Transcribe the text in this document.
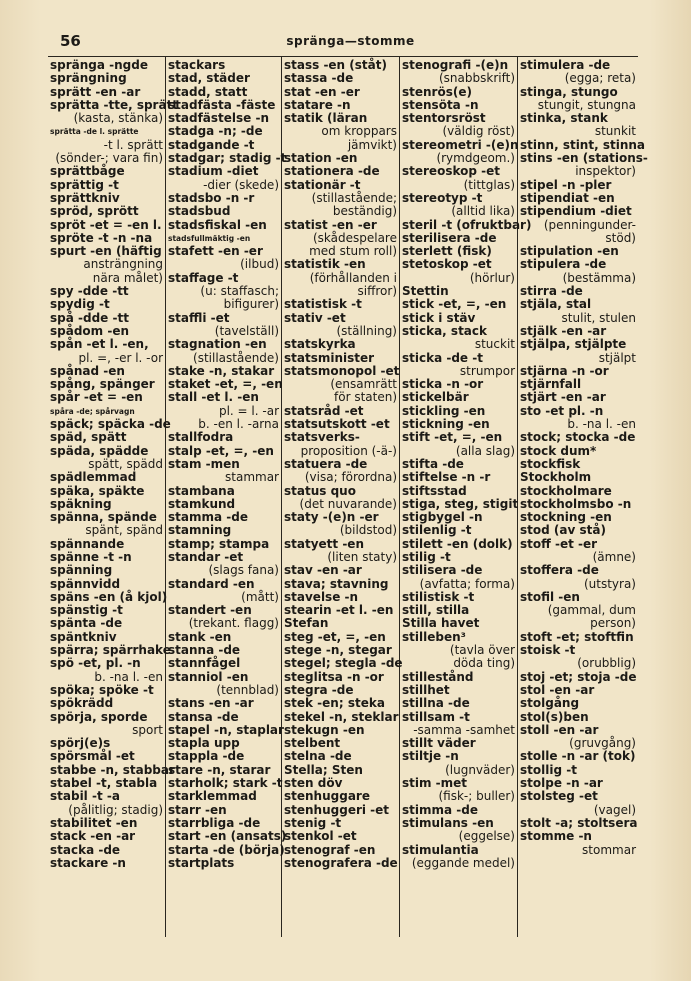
56	spränga—stomme
spränga -ngde
sprängning
sprätt -en -ar
sprätta -tte, sprätt
(kasta, stänka)
sprätta -de l. sprätte
-t l. sprätt
(sönder-; vara fin)
sprättbåge
sprättig -t
sprättkniv
spröd, sprött
spröt -et = -en l.
spröte -t -n -na
spurt -en (häftig
ansträngning
nära målet)
spy -dde -tt
spydig -t
spå -dde -tt
spådom -en
spån -et l. -en,
pl. =, -er l. -or
spånad -en
spång, spänger
spår -et = -en
spåra -de; spårvagn
späck; späcka -de
späd, spätt
späda, spädde
spätt, spädd
spädlemmad
späka, späkte
späkning
spänna, spände
spänt, spänd
spännande
spänne -t -n
spänning
spännvidd
späns -en (å kjol)
spänstig -t
spänta -de
späntkniv
spärra; spärrhake
spö -et, pl. -n
b. -na l. -en
spöka; spöke -t
spökrädd
spörja, sporde
sport
spörj(e)s
spörsmål -et
stabbe -n, stabbar
stabel -t, stabla
stabil -t -a
(pålitlig; stadig)
stabilitet -en
stack -en -ar
stacka -de
stackare -n
stackars
stad, städer
stadd, statt
stadfästa -fäste
stadfästelse -n
stadga -n; -de
stadgande -t
stadgar; stadig -t
stadium -diet
-dier (skede)
stadsbo -n -r
stadsbud
stadsfiskal -en
stadsfullmäktig -en
stafett -en -er
(ilbud)
staffage -t
(u: staffasch;
bifigurer)
staffli -et
(tavelställ)
stagnation -en
(stillastående)
stake -n, stakar
staket -et, =, -en
stall -et l. -en
pl. = l. -ar
b. -en l. -arna
stallfodra
stalp -et, =, -en
stam -men
stammar
stambana
stamkund
stamma -de
stamning
stamp; stampa
standar -et
(slags fana)
standard -en
(mått)
standert -en
(trekant. flagg)
stank -en
stanna -de
stannfågel
stanniol -en
(tennblad)
stans -en -ar
stansa -de
stapel -n, staplar
stapla upp
stappla -de
stare -n, starar
starholk; stark -t
starklemmad
starr -en
starrbliga -de
start -en (ansats)
starta -de (börja)
startplats
stass -en (ståt)
stassa -de
stat -en -er
statare -n
statik (läran
om kroppars
jämvikt)
station -en
stationera -de
stationär -t
(stillastående;
beständig)
statist -en -er
(skådespelare
med stum roll)
statistik -en
(förhållanden i
siffror)
statistisk -t
stativ -et
(ställning)
statskyrka
statsminister
statsmonopol -et
(ensamrätt
för staten)
statsråd -et
statsutskott -et
statsverks-
proposition (-ä-)
statuera -de
(visa; förordna)
status quo
(det nuvarande)
staty -(e)n -er
(bildstod)
statyett -en
(liten staty)
stav -en -ar
stava; stavning
stavelse -n
stearin -et l. -en
Stefan
steg -et, =, -en
stege -n, stegar
stegel; stegla -de
steglitsa -n -or
stegra -de
stek -en; steka
stekel -n, steklar
stekugn -en
stelbent
stelna -de
Stella; Sten
sten döv
stenhuggare
stenhuggeri -et
stenig -t
stenkol -et
stenograf -en
stenografera -de
stenografi -(e)n
(snabbskrift)
stenrös(e)
stensöta -n
stentorsröst
(väldig röst)
stereometri -(e)n
(rymdgeom.)
stereoskop -et
(tittglas)
stereotyp -t
(alltid lika)
steril -t (ofruktbar)
sterilisera -de
sterlett (fisk)
stetoskop -et
(hörlur)
Stettin
stick -et, =, -en
stick i stäv
sticka, stack
stuckit
sticka -de -t
strumpor
sticka -n -or
stickelbär
stickling -en
stickning -en
stift -et, =, -en
(alla slag)
stifta -de
stiftelse -n -r
stiftsstad
stiga, steg, stigit
stigbygel -n
stilenlig -t
stilett -en (dolk)
stilig -t
stilisera -de
(avfatta; forma)
stilistisk -t
still, stilla
Stilla havet
stilleben³
(tavla över
döda ting)
stillestånd
stillhet
stillna -de
stillsam -t
-samma -samhet
stillt väder
stiltje -n
(lugnväder)
stim -met
(fisk-; buller)
stimma -de
stimulans -en
(eggelse)
stimulantia
(eggande medel)
stimulera -de
(egga; reta)
stinga, stungo
stungit, stungna
stinka, stank
stunkit
stinn, stint, stinna
stins -en (stations-
inspektor)
stipel -n -pler
stipendiat -en
stipendium -diet
(penningunder-
stöd)
stipulation -en
stipulera -de
(bestämma)
stirra -de
stjäla, stal
stulit, stulen
stjälk -en -ar
stjälpa, stjälpte
stjälpt
stjärna -n -or
stjärnfall
stjärt -en -ar
sto -et pl. -n
b. -na l. -en
stock; stocka -de
stock dum*
stockfisk
Stockholm
stockholmare
stockholmsbo -n
stockning -en
stod (av stå)
stoff -et -er
(ämne)
stoffera -de
(utstyra)
stofil -en
(gammal, dum
person)
stoft -et; stoftfin
stoisk -t
(orubblig)
stoj -et; stoja -de
stol -en -ar
stolgång
stol(s)ben
stoll -en -ar
(gruvgång)
stolle -n -ar (tok)
stollig -t
stolpe -n -ar
stolsteg -et
(vagel)
stolt -a; stoltsera
stomme -n
stommar
